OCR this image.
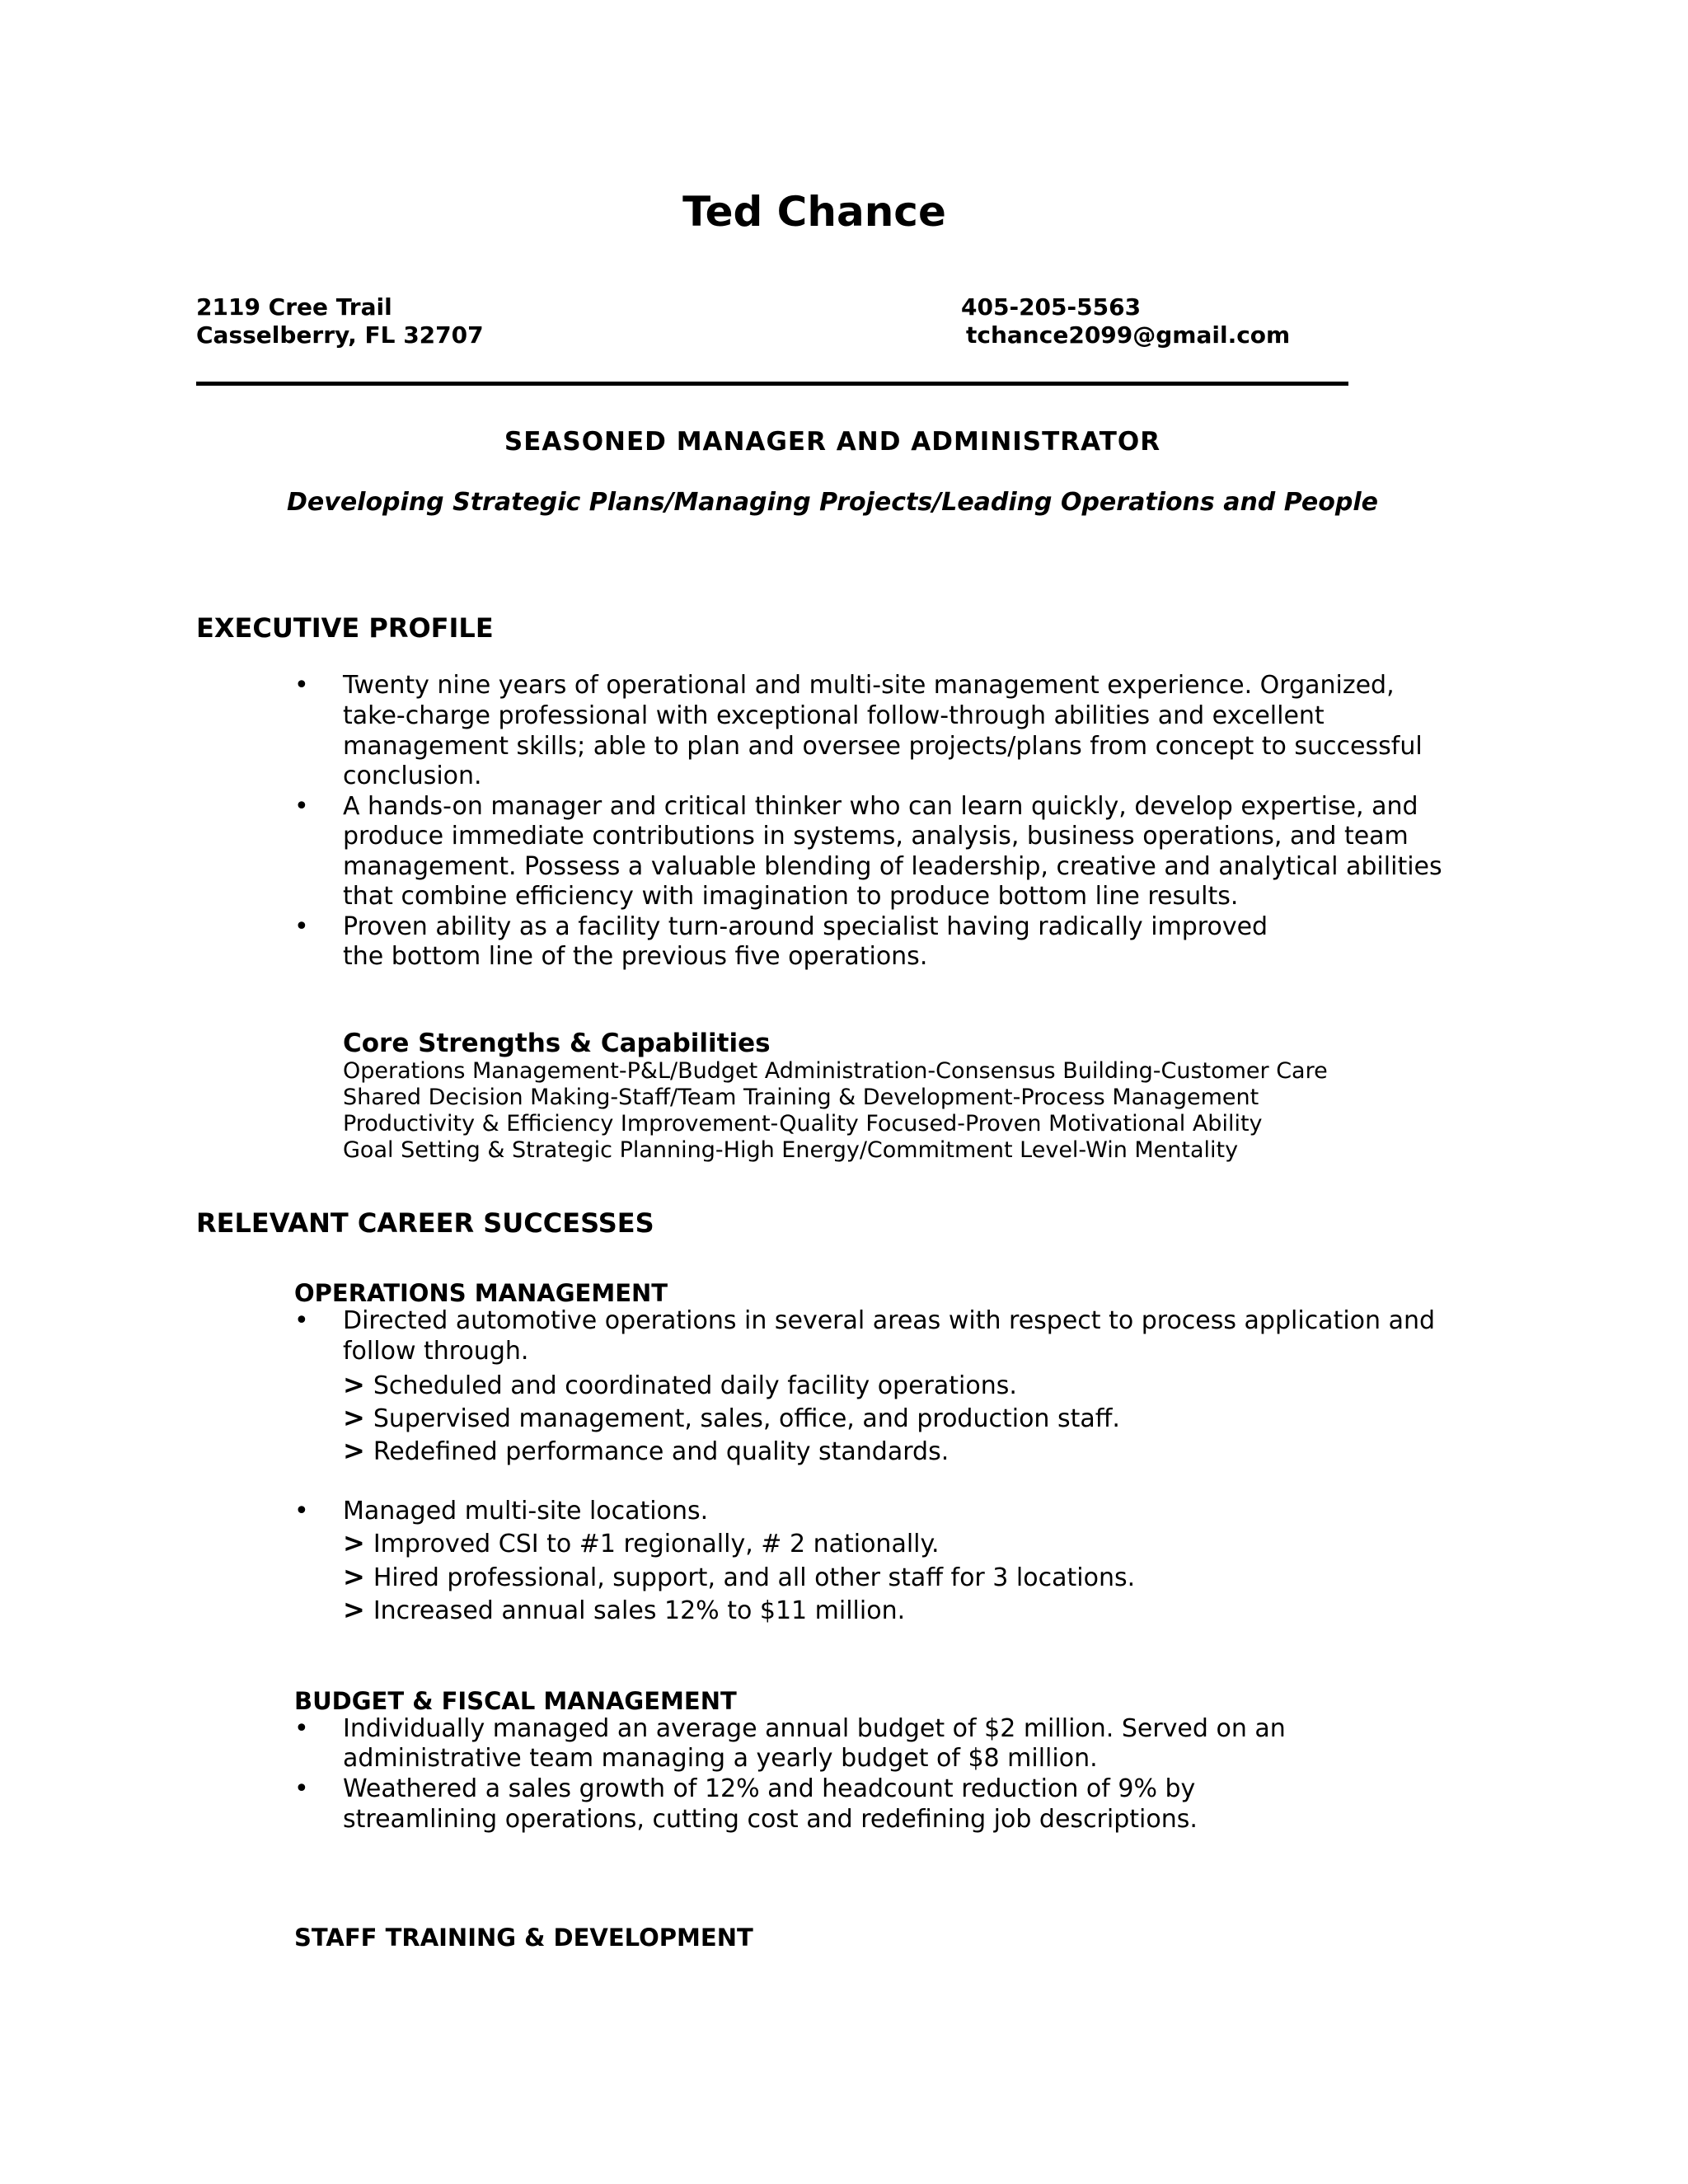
Ted Chance
2119 Cree Trail
Casselberry, FL 32707
405-205-5563
tchance2099@gmail.com
SEASONED MANAGER AND ADMINISTRATOR
Developing Strategic Plans/Managing Projects/Leading Operations and People
EXECUTIVE PROFILE
• Twenty nine years of operational and multi-site management experience. Organized,
take-charge professional with exceptional follow-through abilities and excellent
management skills; able to plan and oversee projects/plans from concept to successful
conclusion.
• A hands-on manager and critical thinker who can learn quickly, develop expertise, and
produce immediate contributions in systems, analysis, business operations, and team
management. Possess a valuable blending of leadership, creative and analytical abilities
that combine efficiency with imagination to produce bottom line results.
• Proven ability as a facility turn-around specialist having radically improved
the bottom line of the previous five operations.
Core Strengths & Capabilities
Operations Management-P&L/Budget Administration-Consensus Building-Customer Care
Shared Decision Making-Staff/Team Training & Development-Process Management
Productivity & Efficiency Improvement-Quality Focused-Proven Motivational Ability
Goal Setting & Strategic Planning-High Energy/Commitment Level-Win Mentality
RELEVANT CAREER SUCCESSES
OPERATIONS MANAGEMENT
• Directed automotive operations in several areas with respect to process application and
follow through.
> Scheduled and coordinated daily facility operations.
> Supervised management, sales, office, and production staff.
> Redefined performance and quality standards.
• Managed multi-site locations.
> Improved CSI to #1 regionally, # 2 nationally.
> Hired professional, support, and all other staff for 3 locations.
> Increased annual sales 12% to $11 million.
BUDGET & FISCAL MANAGEMENT
• Individually managed an average annual budget of $2 million. Served on an
administrative team managing a yearly budget of $8 million.
• Weathered a sales growth of 12% and headcount reduction of 9% by
streamlining operations, cutting cost and redefining job descriptions.
STAFF TRAINING & DEVELOPMENT
